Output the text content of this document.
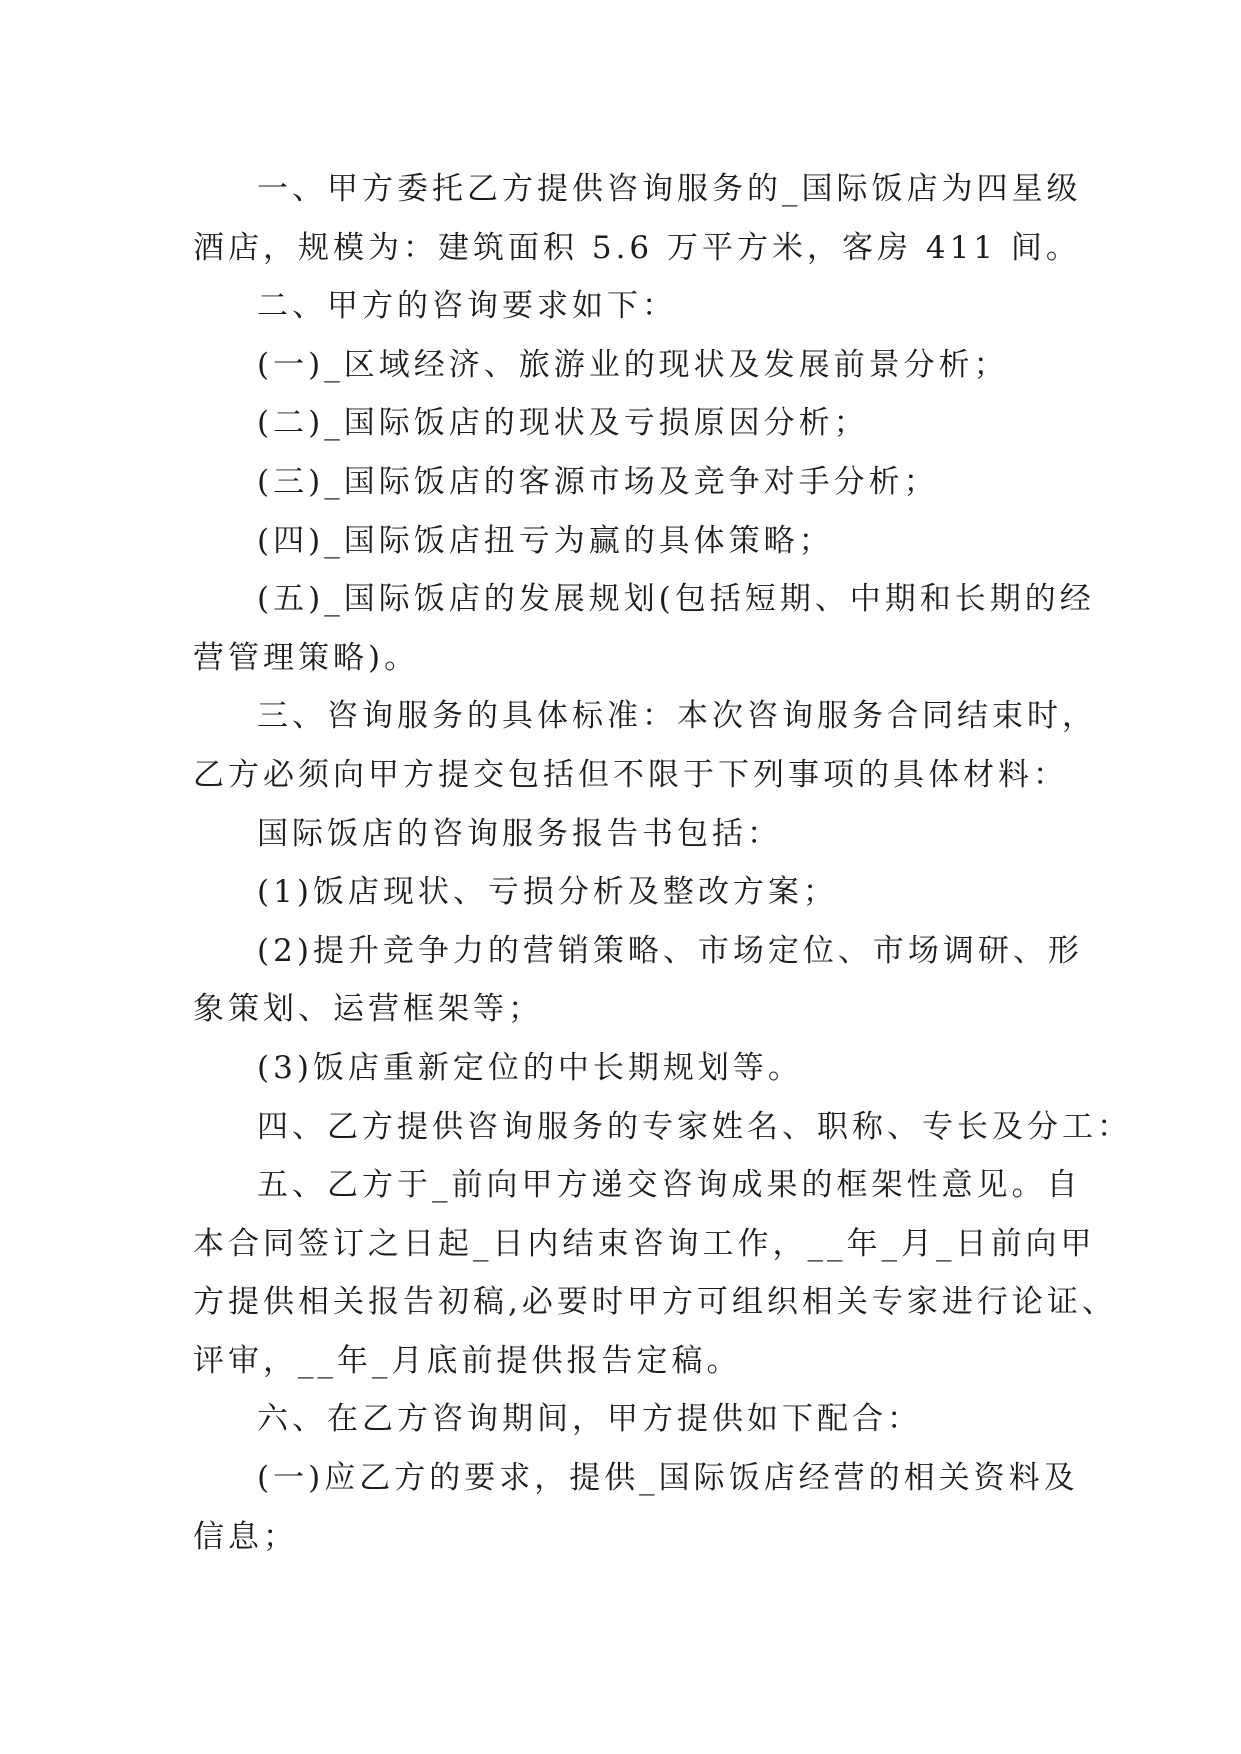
一、甲方委托乙方提供咨询服务的_国际饭店为四星级
酒店，规模为：建筑面积 5.6 万平方米，客房 411 间。
二、甲方的咨询要求如下：
(一)_区域经济、旅游业的现状及发展前景分析；
(二)_国际饭店的现状及亏损原因分析；
(三)_国际饭店的客源市场及竞争对手分析；
(四)_国际饭店扭亏为赢的具体策略；
(五)_国际饭店的发展规划(包括短期、中期和长期的经
营管理策略)。
三、咨询服务的具体标准：本次咨询服务合同结束时，
乙方必须向甲方提交包括但不限于下列事项的具体材料：
国际饭店的咨询服务报告书包括：
(1)饭店现状、亏损分析及整改方案；
(2)提升竞争力的营销策略、市场定位、市场调研、形
象策划、运营框架等；
(3)饭店重新定位的中长期规划等。
四、乙方提供咨询服务的专家姓名、职称、专长及分工：
五、乙方于_前向甲方递交咨询成果的框架性意见。自
本合同签订之日起_日内结束咨询工作，__年_月_日前向甲
方提供相关报告初稿,必要时甲方可组织相关专家进行论证、
评审，__年_月底前提供报告定稿。
六、在乙方咨询期间，甲方提供如下配合：
(一)应乙方的要求，提供_国际饭店经营的相关资料及
信息；
